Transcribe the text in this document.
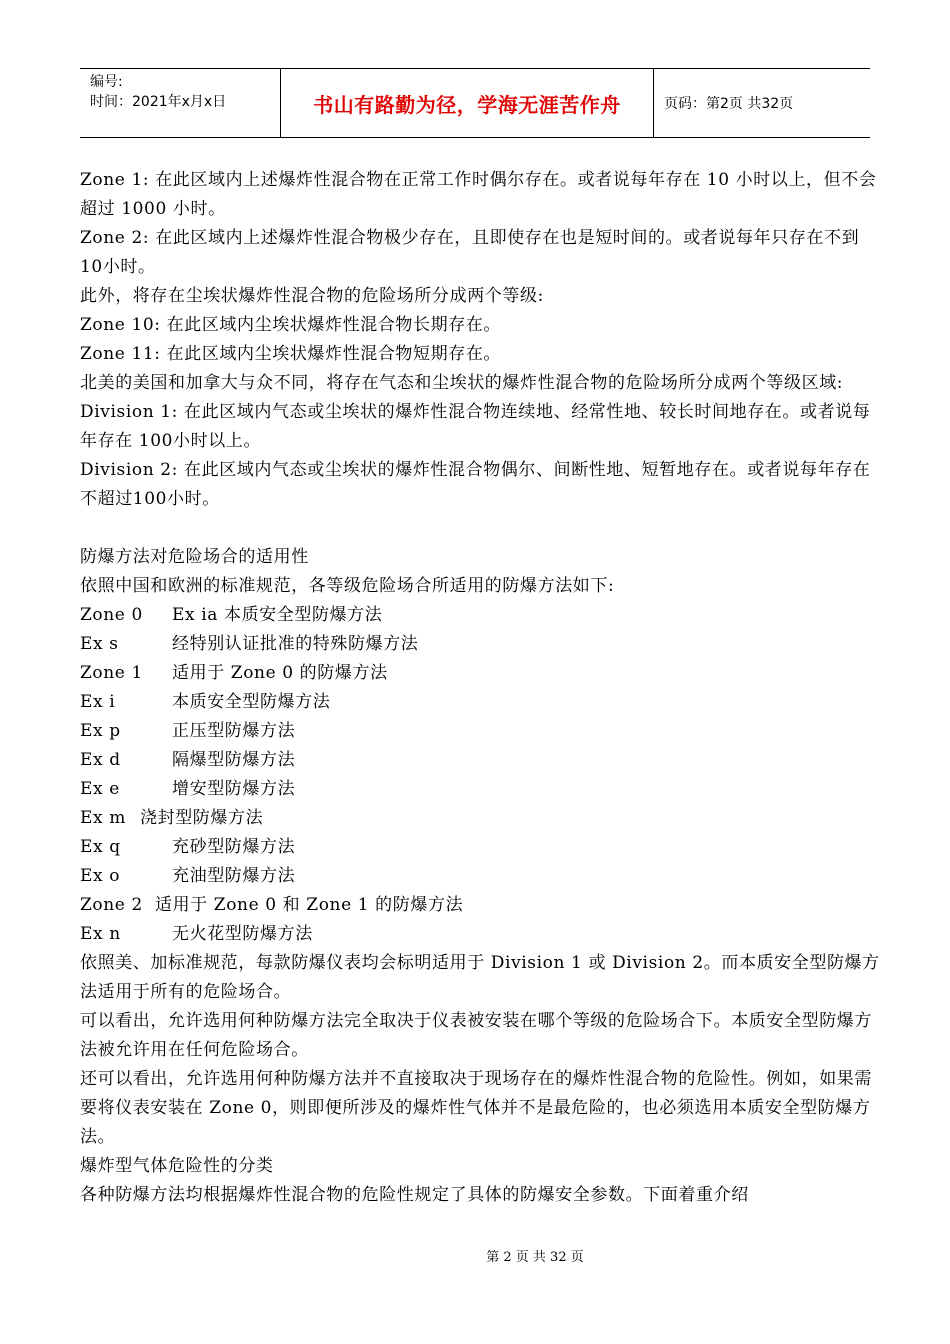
编号:
时间：2021年x月x日	书山有路勤为径，学海无涯苦作舟	页码：第2页 共32页

Zone 1: 在此区域内上述爆炸性混合物在正常工作时偶尔存在。或者说每年存在 10 小时以上，但不会超过 1000 小时。

Zone 2: 在此区域内上述爆炸性混合物极少存在，且即使存在也是短时间的。或者说每年只存在不到 10小时。

此外，将存在尘埃状爆炸性混合物的危险场所分成两个等级:

Zone 10: 在此区域内尘埃状爆炸性混合物长期存在。

Zone 11: 在此区域内尘埃状爆炸性混合物短期存在。

北美的美国和加拿大与众不同，将存在气态和尘埃状的爆炸性混合物的危险场所分成两个等级区域:

Division 1: 在此区域内气态或尘埃状的爆炸性混合物连续地、经常性地、较长时间地存在。或者说每年存在 100小时以上。

Division 2: 在此区域内气态或尘埃状的爆炸性混合物偶尔、间断性地、短暂地存在。或者说每年存在不超过100小时。

防爆方法对危险场合的适用性

依照中国和欧洲的标准规范，各等级危险场合所适用的防爆方法如下:

Zone 0	Ex ia 本质安全型防爆方法
Ex s	经特别认证批准的特殊防爆方法
Zone 1	适用于 Zone 0 的防爆方法
Ex i	本质安全型防爆方法
Ex p	正压型防爆方法
Ex d	隔爆型防爆方法
Ex e	增安型防爆方法
Ex m 浇封型防爆方法
Ex q	充砂型防爆方法
Ex o	充油型防爆方法
Zone 2 适用于 Zone 0 和 Zone 1 的防爆方法
Ex n	无火花型防爆方法

依照美、加标准规范，每款防爆仪表均会标明适用于 Division 1 或 Division 2。而本质安全型防爆方法适用于所有的危险场合。

可以看出，允许选用何种防爆方法完全取决于仪表被安装在哪个等级的危险场合下。本质安全型防爆方法被允许用在任何危险场合。

还可以看出，允许选用何种防爆方法并不直接取决于现场存在的爆炸性混合物的危险性。例如，如果需要将仪表安装在 Zone 0，则即便所涉及的爆炸性气体并不是最危险的，也必须选用本质安全型防爆方法。

爆炸型气体危险性的分类

各种防爆方法均根据爆炸性混合物的危险性规定了具体的防爆安全参数。下面着重介绍

第 2 页 共 32 页
